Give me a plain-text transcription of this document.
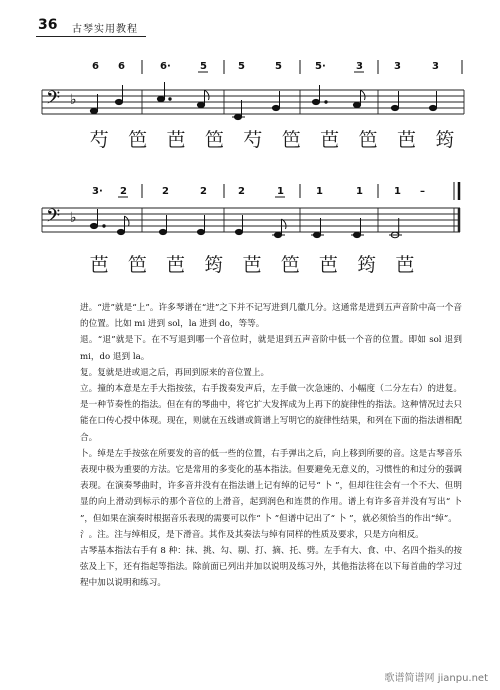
36 古琴实用教程
6 6	6·	5	5	5	5·	3	3	3
𝄢 ♭
芍	笆	芭	笆	芍	笆	芭	笆	芭	筠
3· 2	2	2	2	1	1	1	1 –
𝄢 ♭
芭	笆	芭	筠	芭	笆	芭	筠	芭

进。“进”就是“上”。许多琴谱在“进”之下并不记写进到几徽几分。这通常是进到五声音阶中高一个音的位置。比如 mi 进到 sol，la 进到 do，等等。

退。“退”就是下。在不写退到哪一个音位时，就是退到五声音阶中低一个音的位置。即如 sol 退到 mi，do 退到 la。

复。复就是进或退之后，再回到原来的音位置上。

立。撞的本意是左手大指按弦，右手拨奏发声后，左手做一次急速的、小幅度（二分左右）的进复。是一种节奏性的指法。但在有的琴曲中，将它扩大发挥成为上再下的旋律性的指法。这种情况过去只能在口传心授中体现。现在，则就在五线谱或简谱上写明它的旋律性结果，和列在下面的指法谱相配合。

卜。绰是左手按弦在所要发的音的低一些的位置，右手弹出之后，向上移到所要的音。这是古琴音乐表现中极为重要的方法。它是常用的多变化的基本指法。但要避免无意义的，习惯性的和过分的强调表现。在演奏琴曲时，许多音并没有在指法谱上记有绰的记号“ 卜 ”，但却往往会有一个不大、但明显的向上滑动到标示的那个音位的上滑音，起到润色和连贯的作用。谱上有许多音并没有写出“ 卜 ”，但如果在演奏时根据音乐表现的需要可以作“ 卜 ”但谱中记出了“ 卜 ”，就必须恰当的作出“绰”。

氵。注。注与绰相反，是下滑音。其作及其奏法与绰有同样的性质及要求，只是方向相反。

古琴基本指法右手有 8 种：抹、挑、勾、剔、打、摘、托、劈。左手有大、食、中、名四个指头的按弦及上下，还有指起等指法。除前面已列出并加以说明及练习外，其他指法将在以下每首曲的学习过程中加以说明和练习。

歌谱简谱网 jianpu.net
